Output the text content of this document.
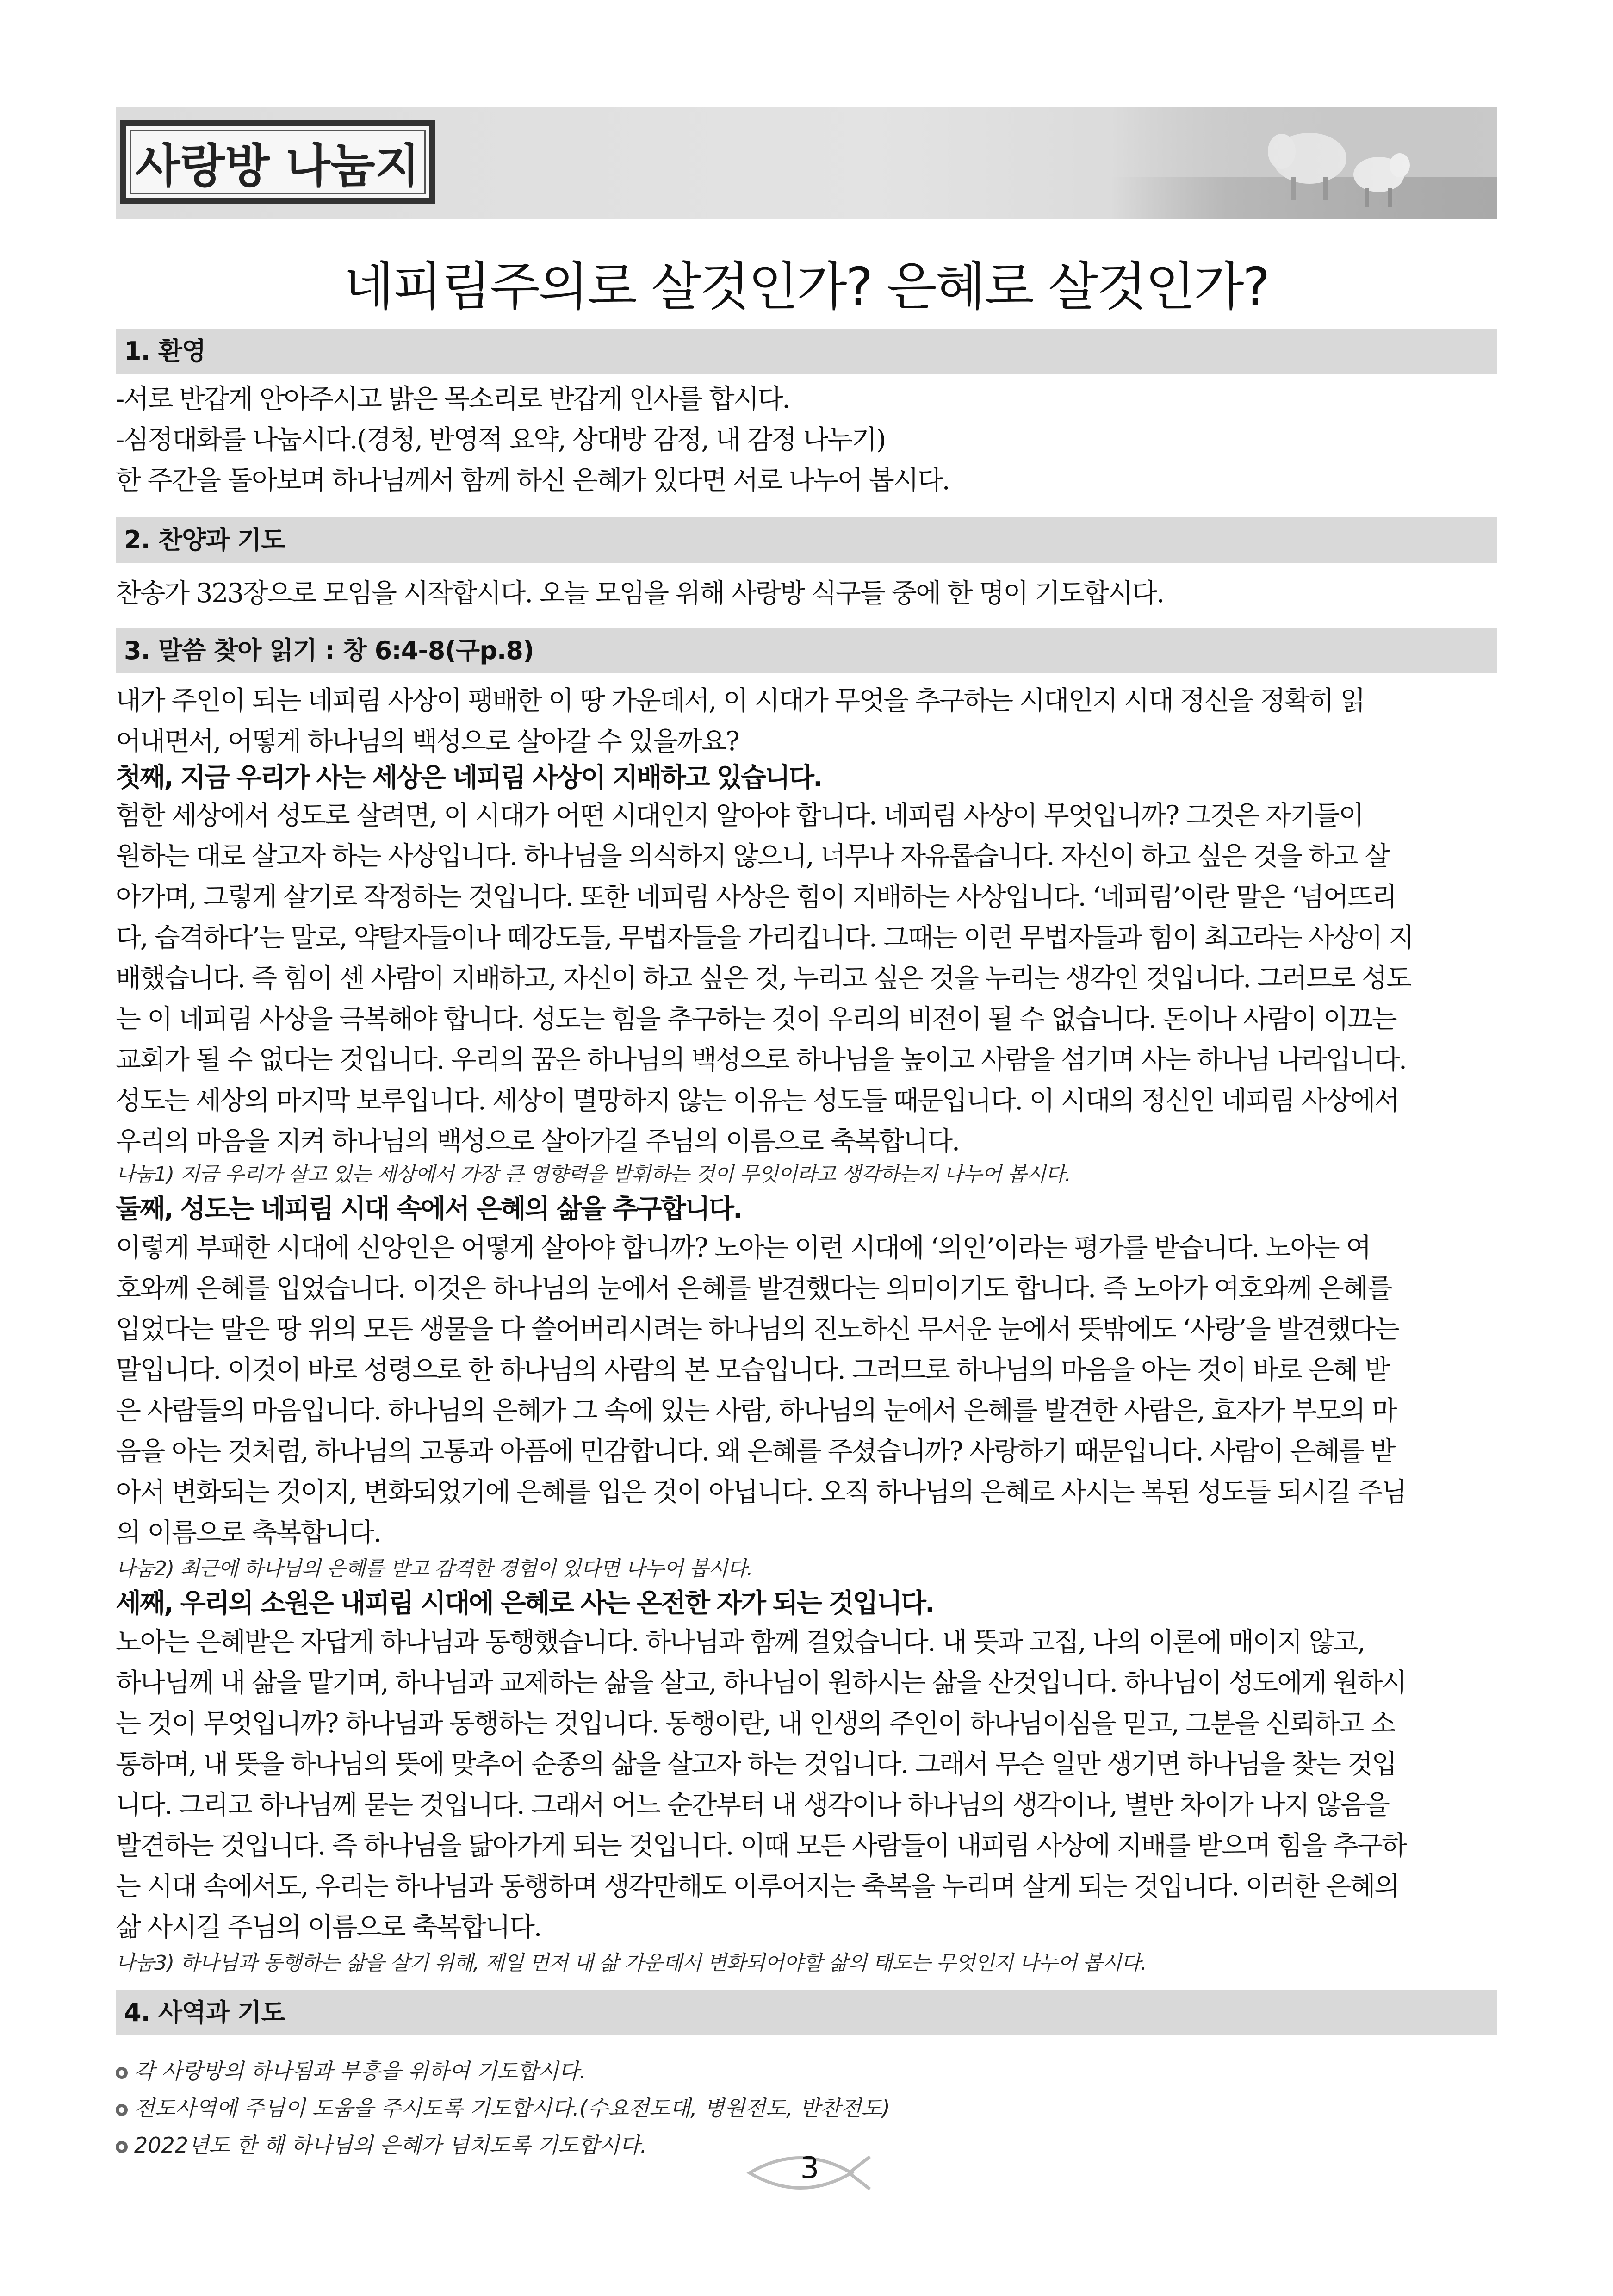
사랑방 나눔지
네피림주의로 살것인가? 은혜로 살것인가?
1. 환영
-서로 반갑게 안아주시고 밝은 목소리로 반갑게 인사를 합시다.
-심정대화를 나눕시다.(경청, 반영적 요약, 상대방 감정, 내 감정 나누기)
한 주간을 돌아보며 하나님께서 함께 하신 은혜가 있다면 서로 나누어 봅시다.
2. 찬양과 기도
찬송가 323장으로 모임을 시작합시다. 오늘 모임을 위해 사랑방 식구들 중에 한 명이 기도합시다.
3. 말씀 찾아 읽기 : 창 6:4-8(구p.8)
내가 주인이 되는 네피림 사상이 팽배한 이 땅 가운데서, 이 시대가 무엇을 추구하는 시대인지 시대 정신을 정확히 읽
어내면서, 어떻게 하나님의 백성으로 살아갈 수 있을까요?
첫째, 지금 우리가 사는 세상은 네피림 사상이 지배하고 있습니다.
험한 세상에서 성도로 살려면, 이 시대가 어떤 시대인지 알아야 합니다. 네피림 사상이 무엇입니까? 그것은 자기들이
원하는 대로 살고자 하는 사상입니다. 하나님을 의식하지 않으니, 너무나 자유롭습니다. 자신이 하고 싶은 것을 하고 살
아가며, 그렇게 살기로 작정하는 것입니다. 또한 네피림 사상은 힘이 지배하는 사상입니다. ‘네피림’이란 말은 ‘넘어뜨리
다, 습격하다’는 말로, 약탈자들이나 떼강도들, 무법자들을 가리킵니다. 그때는 이런 무법자들과 힘이 최고라는 사상이 지
배했습니다. 즉 힘이 센 사람이 지배하고, 자신이 하고 싶은 것, 누리고 싶은 것을 누리는 생각인 것입니다. 그러므로 성도
는 이 네피림 사상을 극복해야 합니다. 성도는 힘을 추구하는 것이 우리의 비전이 될 수 없습니다. 돈이나 사람이 이끄는
교회가 될 수 없다는 것입니다. 우리의 꿈은 하나님의 백성으로 하나님을 높이고 사람을 섬기며 사는 하나님 나라입니다.
성도는 세상의 마지막 보루입니다. 세상이 멸망하지 않는 이유는 성도들 때문입니다. 이 시대의 정신인 네피림 사상에서
우리의 마음을 지켜 하나님의 백성으로 살아가길 주님의 이름으로 축복합니다.
나눔1) 지금 우리가 살고 있는 세상에서 가장 큰 영향력을 발휘하는 것이 무엇이라고 생각하는지 나누어 봅시다.
둘째, 성도는 네피림 시대 속에서 은혜의 삶을 추구합니다.
이렇게 부패한 시대에 신앙인은 어떻게 살아야 합니까? 노아는 이런 시대에 ‘의인’이라는 평가를 받습니다. 노아는 여
호와께 은혜를 입었습니다. 이것은 하나님의 눈에서 은혜를 발견했다는 의미이기도 합니다. 즉 노아가 여호와께 은혜를
입었다는 말은 땅 위의 모든 생물을 다 쓸어버리시려는 하나님의 진노하신 무서운 눈에서 뜻밖에도 ‘사랑’을 발견했다는
말입니다. 이것이 바로 성령으로 한 하나님의 사람의 본 모습입니다. 그러므로 하나님의 마음을 아는 것이 바로 은혜 받
은 사람들의 마음입니다. 하나님의 은혜가 그 속에 있는 사람, 하나님의 눈에서 은혜를 발견한 사람은, 효자가 부모의 마
음을 아는 것처럼, 하나님의 고통과 아픔에 민감합니다. 왜 은혜를 주셨습니까? 사랑하기 때문입니다. 사람이 은혜를 받
아서 변화되는 것이지, 변화되었기에 은혜를 입은 것이 아닙니다. 오직 하나님의 은혜로 사시는 복된 성도들 되시길 주님
의 이름으로 축복합니다.
나눔2) 최근에 하나님의 은혜를 받고 감격한 경험이 있다면 나누어 봅시다.
세째, 우리의 소원은 내피림 시대에 은혜로 사는 온전한 자가 되는 것입니다.
노아는 은혜받은 자답게 하나님과 동행했습니다. 하나님과 함께 걸었습니다. 내 뜻과 고집, 나의 이론에 매이지 않고,
하나님께 내 삶을 맡기며, 하나님과 교제하는 삶을 살고, 하나님이 원하시는 삶을 산것입니다. 하나님이 성도에게 원하시
는 것이 무엇입니까? 하나님과 동행하는 것입니다. 동행이란, 내 인생의 주인이 하나님이심을 믿고, 그분을 신뢰하고 소
통하며, 내 뜻을 하나님의 뜻에 맞추어 순종의 삶을 살고자 하는 것입니다. 그래서 무슨 일만 생기면 하나님을 찾는 것입
니다. 그리고 하나님께 묻는 것입니다. 그래서 어느 순간부터 내 생각이나 하나님의 생각이나, 별반 차이가 나지 않음을
발견하는 것입니다. 즉 하나님을 닮아가게 되는 것입니다. 이때 모든 사람들이 내피림 사상에 지배를 받으며 힘을 추구하
는 시대 속에서도, 우리는 하나님과 동행하며 생각만해도 이루어지는 축복을 누리며 살게 되는 것입니다. 이러한 은혜의
삶 사시길 주님의 이름으로 축복합니다.
나눔3) 하나님과 동행하는 삶을 살기 위해, 제일 먼저 내 삶 가운데서 변화되어야할 삶의 태도는 무엇인지 나누어 봅시다.
4. 사역과 기도
각 사랑방의 하나됨과 부흥을 위하여 기도합시다.
전도사역에 주님이 도움을 주시도록 기도합시다.(수요전도대, 병원전도, 반찬전도)
2022년도 한 해 하나님의 은혜가 넘치도록 기도합시다.
3
